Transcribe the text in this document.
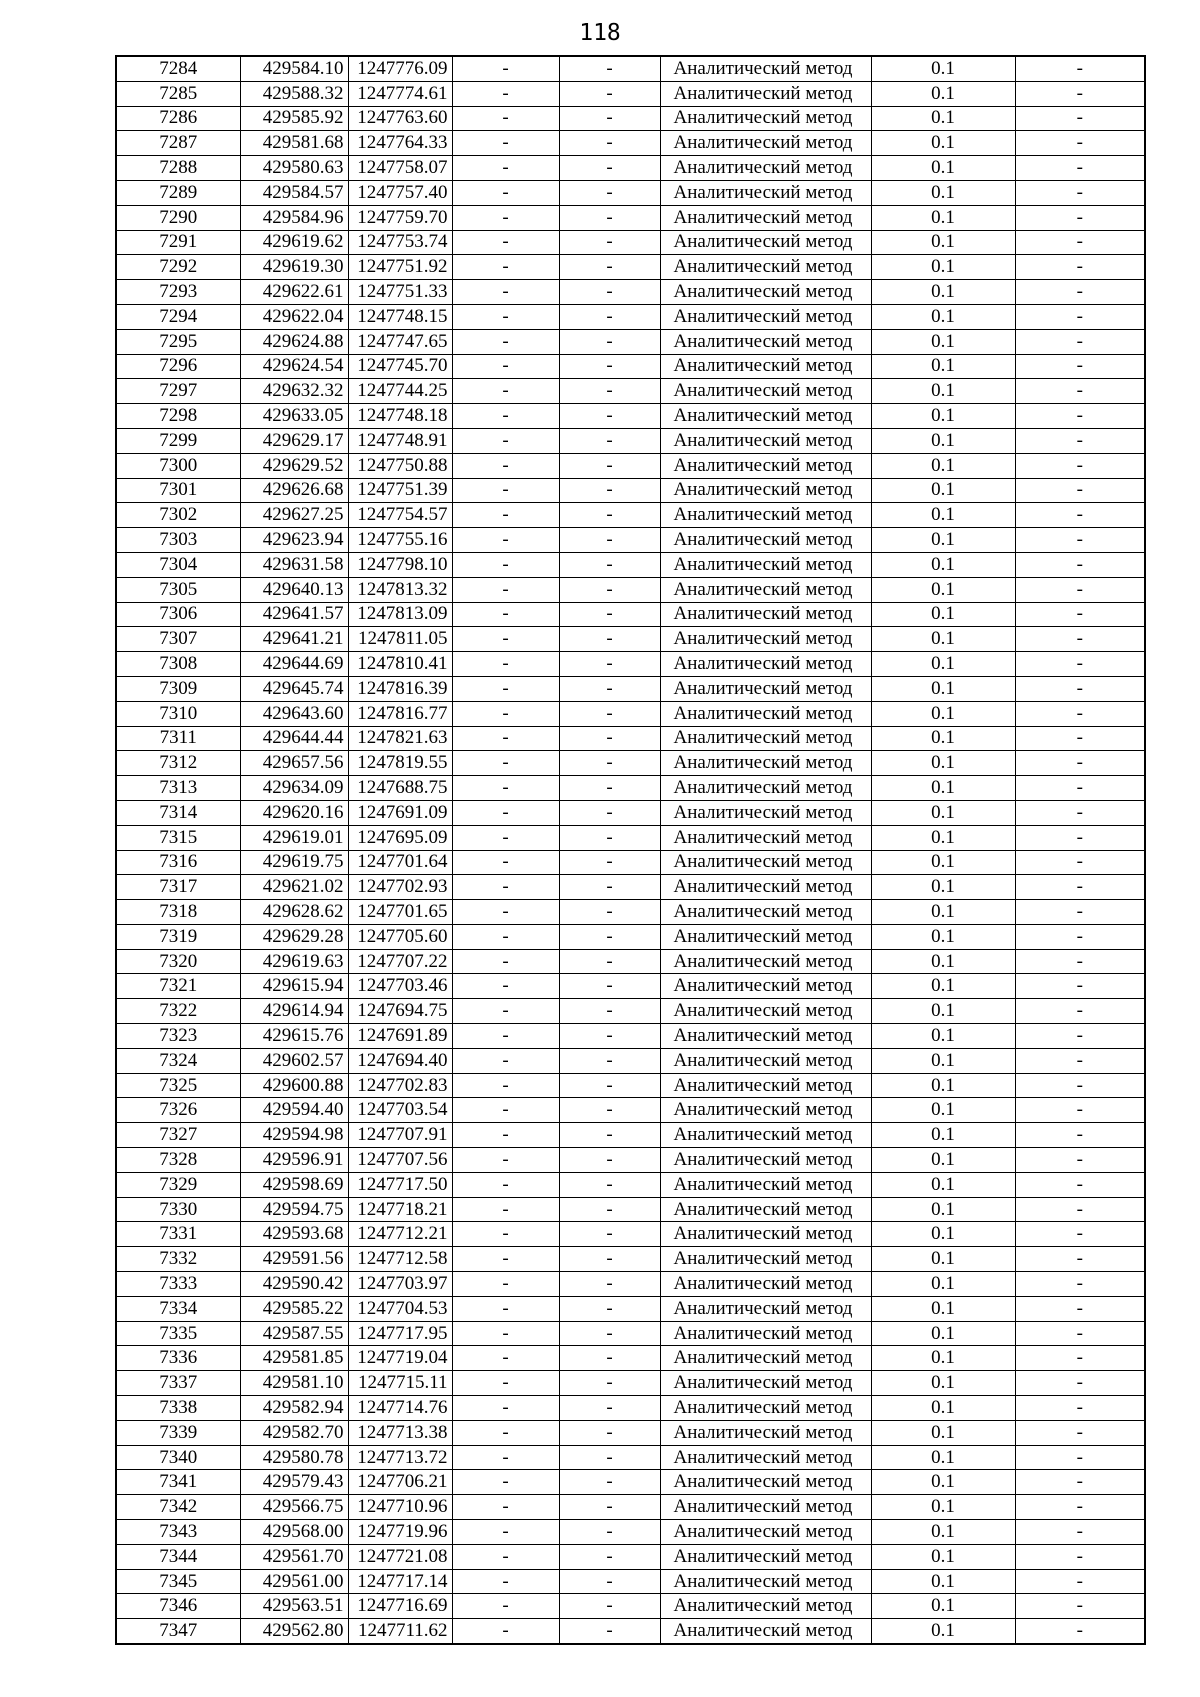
118
7284	429584.10	1247776.09	-	-	Аналитический метод	0.1	-
7285	429588.32	1247774.61	-	-	Аналитический метод	0.1	-
7286	429585.92	1247763.60	-	-	Аналитический метод	0.1	-
7287	429581.68	1247764.33	-	-	Аналитический метод	0.1	-
7288	429580.63	1247758.07	-	-	Аналитический метод	0.1	-
7289	429584.57	1247757.40	-	-	Аналитический метод	0.1	-
7290	429584.96	1247759.70	-	-	Аналитический метод	0.1	-
7291	429619.62	1247753.74	-	-	Аналитический метод	0.1	-
7292	429619.30	1247751.92	-	-	Аналитический метод	0.1	-
7293	429622.61	1247751.33	-	-	Аналитический метод	0.1	-
7294	429622.04	1247748.15	-	-	Аналитический метод	0.1	-
7295	429624.88	1247747.65	-	-	Аналитический метод	0.1	-
7296	429624.54	1247745.70	-	-	Аналитический метод	0.1	-
7297	429632.32	1247744.25	-	-	Аналитический метод	0.1	-
7298	429633.05	1247748.18	-	-	Аналитический метод	0.1	-
7299	429629.17	1247748.91	-	-	Аналитический метод	0.1	-
7300	429629.52	1247750.88	-	-	Аналитический метод	0.1	-
7301	429626.68	1247751.39	-	-	Аналитический метод	0.1	-
7302	429627.25	1247754.57	-	-	Аналитический метод	0.1	-
7303	429623.94	1247755.16	-	-	Аналитический метод	0.1	-
7304	429631.58	1247798.10	-	-	Аналитический метод	0.1	-
7305	429640.13	1247813.32	-	-	Аналитический метод	0.1	-
7306	429641.57	1247813.09	-	-	Аналитический метод	0.1	-
7307	429641.21	1247811.05	-	-	Аналитический метод	0.1	-
7308	429644.69	1247810.41	-	-	Аналитический метод	0.1	-
7309	429645.74	1247816.39	-	-	Аналитический метод	0.1	-
7310	429643.60	1247816.77	-	-	Аналитический метод	0.1	-
7311	429644.44	1247821.63	-	-	Аналитический метод	0.1	-
7312	429657.56	1247819.55	-	-	Аналитический метод	0.1	-
7313	429634.09	1247688.75	-	-	Аналитический метод	0.1	-
7314	429620.16	1247691.09	-	-	Аналитический метод	0.1	-
7315	429619.01	1247695.09	-	-	Аналитический метод	0.1	-
7316	429619.75	1247701.64	-	-	Аналитический метод	0.1	-
7317	429621.02	1247702.93	-	-	Аналитический метод	0.1	-
7318	429628.62	1247701.65	-	-	Аналитический метод	0.1	-
7319	429629.28	1247705.60	-	-	Аналитический метод	0.1	-
7320	429619.63	1247707.22	-	-	Аналитический метод	0.1	-
7321	429615.94	1247703.46	-	-	Аналитический метод	0.1	-
7322	429614.94	1247694.75	-	-	Аналитический метод	0.1	-
7323	429615.76	1247691.89	-	-	Аналитический метод	0.1	-
7324	429602.57	1247694.40	-	-	Аналитический метод	0.1	-
7325	429600.88	1247702.83	-	-	Аналитический метод	0.1	-
7326	429594.40	1247703.54	-	-	Аналитический метод	0.1	-
7327	429594.98	1247707.91	-	-	Аналитический метод	0.1	-
7328	429596.91	1247707.56	-	-	Аналитический метод	0.1	-
7329	429598.69	1247717.50	-	-	Аналитический метод	0.1	-
7330	429594.75	1247718.21	-	-	Аналитический метод	0.1	-
7331	429593.68	1247712.21	-	-	Аналитический метод	0.1	-
7332	429591.56	1247712.58	-	-	Аналитический метод	0.1	-
7333	429590.42	1247703.97	-	-	Аналитический метод	0.1	-
7334	429585.22	1247704.53	-	-	Аналитический метод	0.1	-
7335	429587.55	1247717.95	-	-	Аналитический метод	0.1	-
7336	429581.85	1247719.04	-	-	Аналитический метод	0.1	-
7337	429581.10	1247715.11	-	-	Аналитический метод	0.1	-
7338	429582.94	1247714.76	-	-	Аналитический метод	0.1	-
7339	429582.70	1247713.38	-	-	Аналитический метод	0.1	-
7340	429580.78	1247713.72	-	-	Аналитический метод	0.1	-
7341	429579.43	1247706.21	-	-	Аналитический метод	0.1	-
7342	429566.75	1247710.96	-	-	Аналитический метод	0.1	-
7343	429568.00	1247719.96	-	-	Аналитический метод	0.1	-
7344	429561.70	1247721.08	-	-	Аналитический метод	0.1	-
7345	429561.00	1247717.14	-	-	Аналитический метод	0.1	-
7346	429563.51	1247716.69	-	-	Аналитический метод	0.1	-
7347	429562.80	1247711.62	-	-	Аналитический метод	0.1	-
